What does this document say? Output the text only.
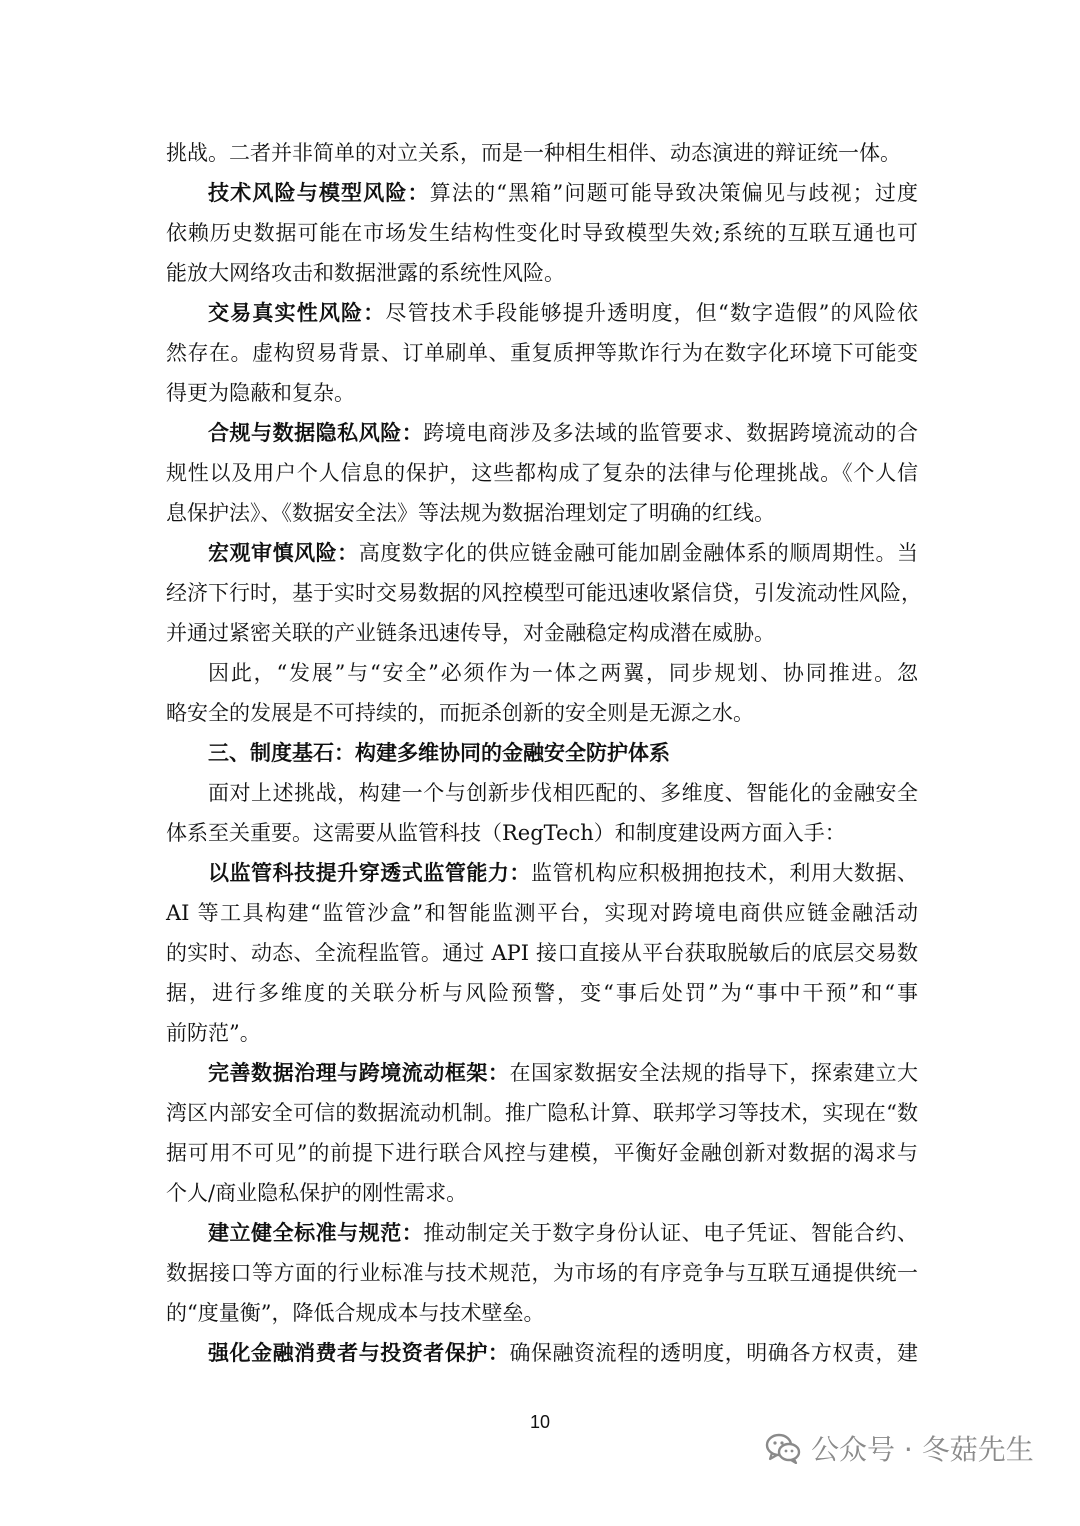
挑战。二者并非简单的对立关系，而是一种相生相伴、动态演进的辩证统一体。
技术风险与模型风险：算法的“黑箱”问题可能导致决策偏见与歧视；过度
依赖历史数据可能在市场发生结构性变化时导致模型失效;系统的互联互通也可
能放大网络攻击和数据泄露的系统性风险。
交易真实性风险：尽管技术手段能够提升透明度，但“数字造假”的风险依
然存在。虚构贸易背景、订单刷单、重复质押等欺诈行为在数字化环境下可能变
得更为隐蔽和复杂。
合规与数据隐私风险：跨境电商涉及多法域的监管要求、数据跨境流动的合
规性以及用户个人信息的保护，这些都构成了复杂的法律与伦理挑战。《个人信
息保护法》、《数据安全法》等法规为数据治理划定了明确的红线。
宏观审慎风险：高度数字化的供应链金融可能加剧金融体系的顺周期性。当
经济下行时，基于实时交易数据的风控模型可能迅速收紧信贷，引发流动性风险，
并通过紧密关联的产业链条迅速传导，对金融稳定构成潜在威胁。
因此，“发展”与“安全”必须作为一体之两翼，同步规划、协同推进。忽
略安全的发展是不可持续的，而扼杀创新的安全则是无源之水。
三、制度基石：构建多维协同的金融安全防护体系
面对上述挑战，构建一个与创新步伐相匹配的、多维度、智能化的金融安全
体系至关重要。这需要从监管科技（RegTech）和制度建设两方面入手：
以监管科技提升穿透式监管能力：监管机构应积极拥抱技术，利用大数据、
AI 等工具构建“监管沙盒”和智能监测平台，实现对跨境电商供应链金融活动
的实时、动态、全流程监管。通过 API 接口直接从平台获取脱敏后的底层交易数
据，进行多维度的关联分析与风险预警，变“事后处罚”为“事中干预”和“事
前防范”。
完善数据治理与跨境流动框架：在国家数据安全法规的指导下，探索建立大
湾区内部安全可信的数据流动机制。推广隐私计算、联邦学习等技术，实现在“数
据可用不可见”的前提下进行联合风控与建模，平衡好金融创新对数据的渴求与
个人/商业隐私保护的刚性需求。
建立健全标准与规范：推动制定关于数字身份认证、电子凭证、智能合约、
数据接口等方面的行业标准与技术规范，为市场的有序竞争与互联互通提供统一
的“度量衡”，降低合规成本与技术壁垒。
强化金融消费者与投资者保护：确保融资流程的透明度，明确各方权责，建
10
公众号 · 冬菇先生
